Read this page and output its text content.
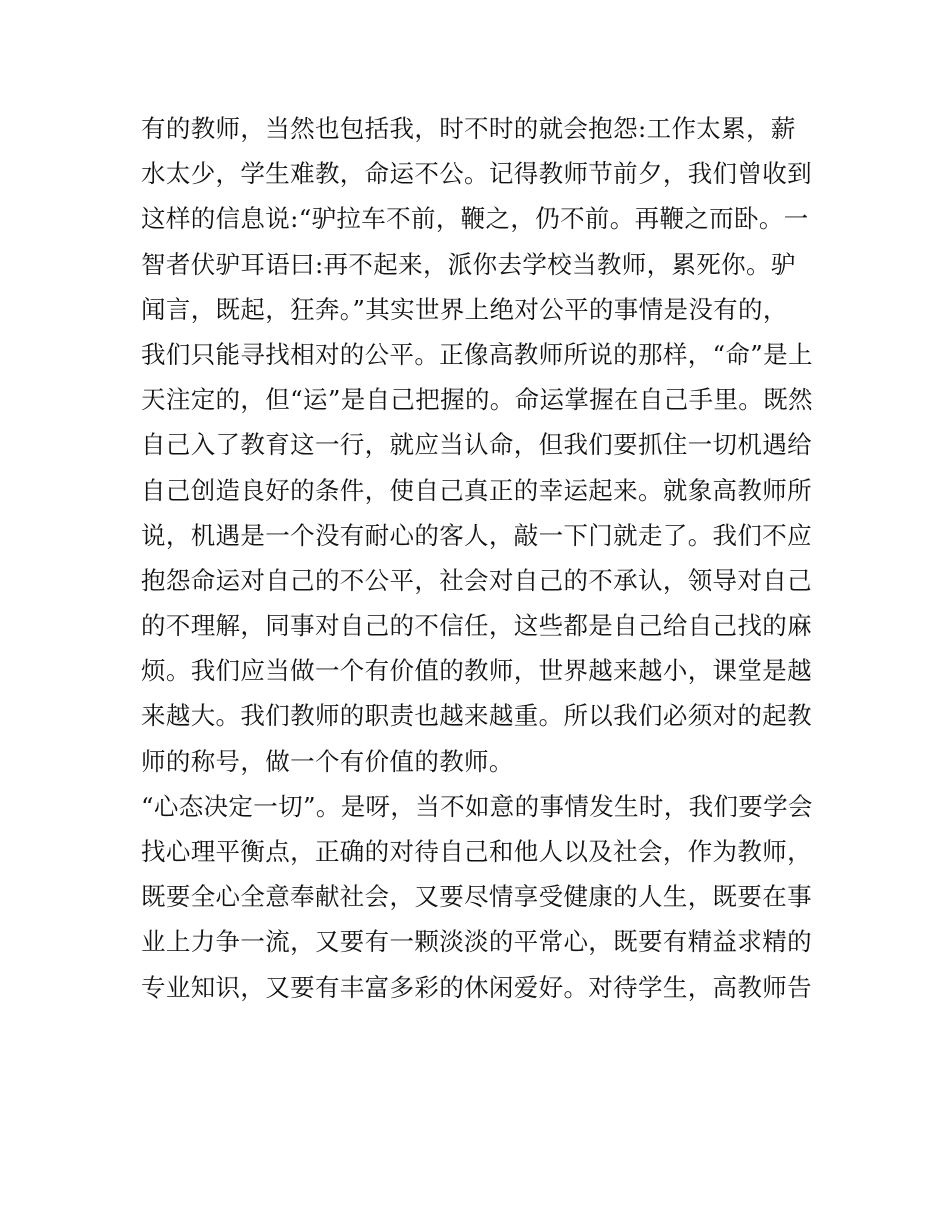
有的教师，当然也包括我，时不时的就会抱怨:工作太累，薪
水太少，学生难教，命运不公。记得教师节前夕，我们曾收到
这样的信息说:“驴拉车不前，鞭之，仍不前。再鞭之而卧。一
智者伏驴耳语曰:再不起来，派你去学校当教师，累死你。驴
闻言，既起，狂奔。”其实世界上绝对公平的事情是没有的，
我们只能寻找相对的公平。正像高教师所说的那样，“命”是上
天注定的，但“运”是自己把握的。命运掌握在自己手里。既然
自己入了教育这一行，就应当认命，但我们要抓住一切机遇给
自己创造良好的条件，使自己真正的幸运起来。就象高教师所
说，机遇是一个没有耐心的客人，敲一下门就走了。我们不应
抱怨命运对自己的不公平，社会对自己的不承认，领导对自己
的不理解，同事对自己的不信任，这些都是自己给自己找的麻
烦。我们应当做一个有价值的教师，世界越来越小，课堂是越
来越大。我们教师的职责也越来越重。所以我们必须对的起教
师的称号，做一个有价值的教师。
“心态决定一切”。是呀，当不如意的事情发生时，我们要学会
找心理平衡点，正确的对待自己和他人以及社会，作为教师，
既要全心全意奉献社会，又要尽情享受健康的人生，既要在事
业上力争一流，又要有一颗淡淡的平常心，既要有精益求精的
专业知识，又要有丰富多彩的休闲爱好。对待学生，高教师告
